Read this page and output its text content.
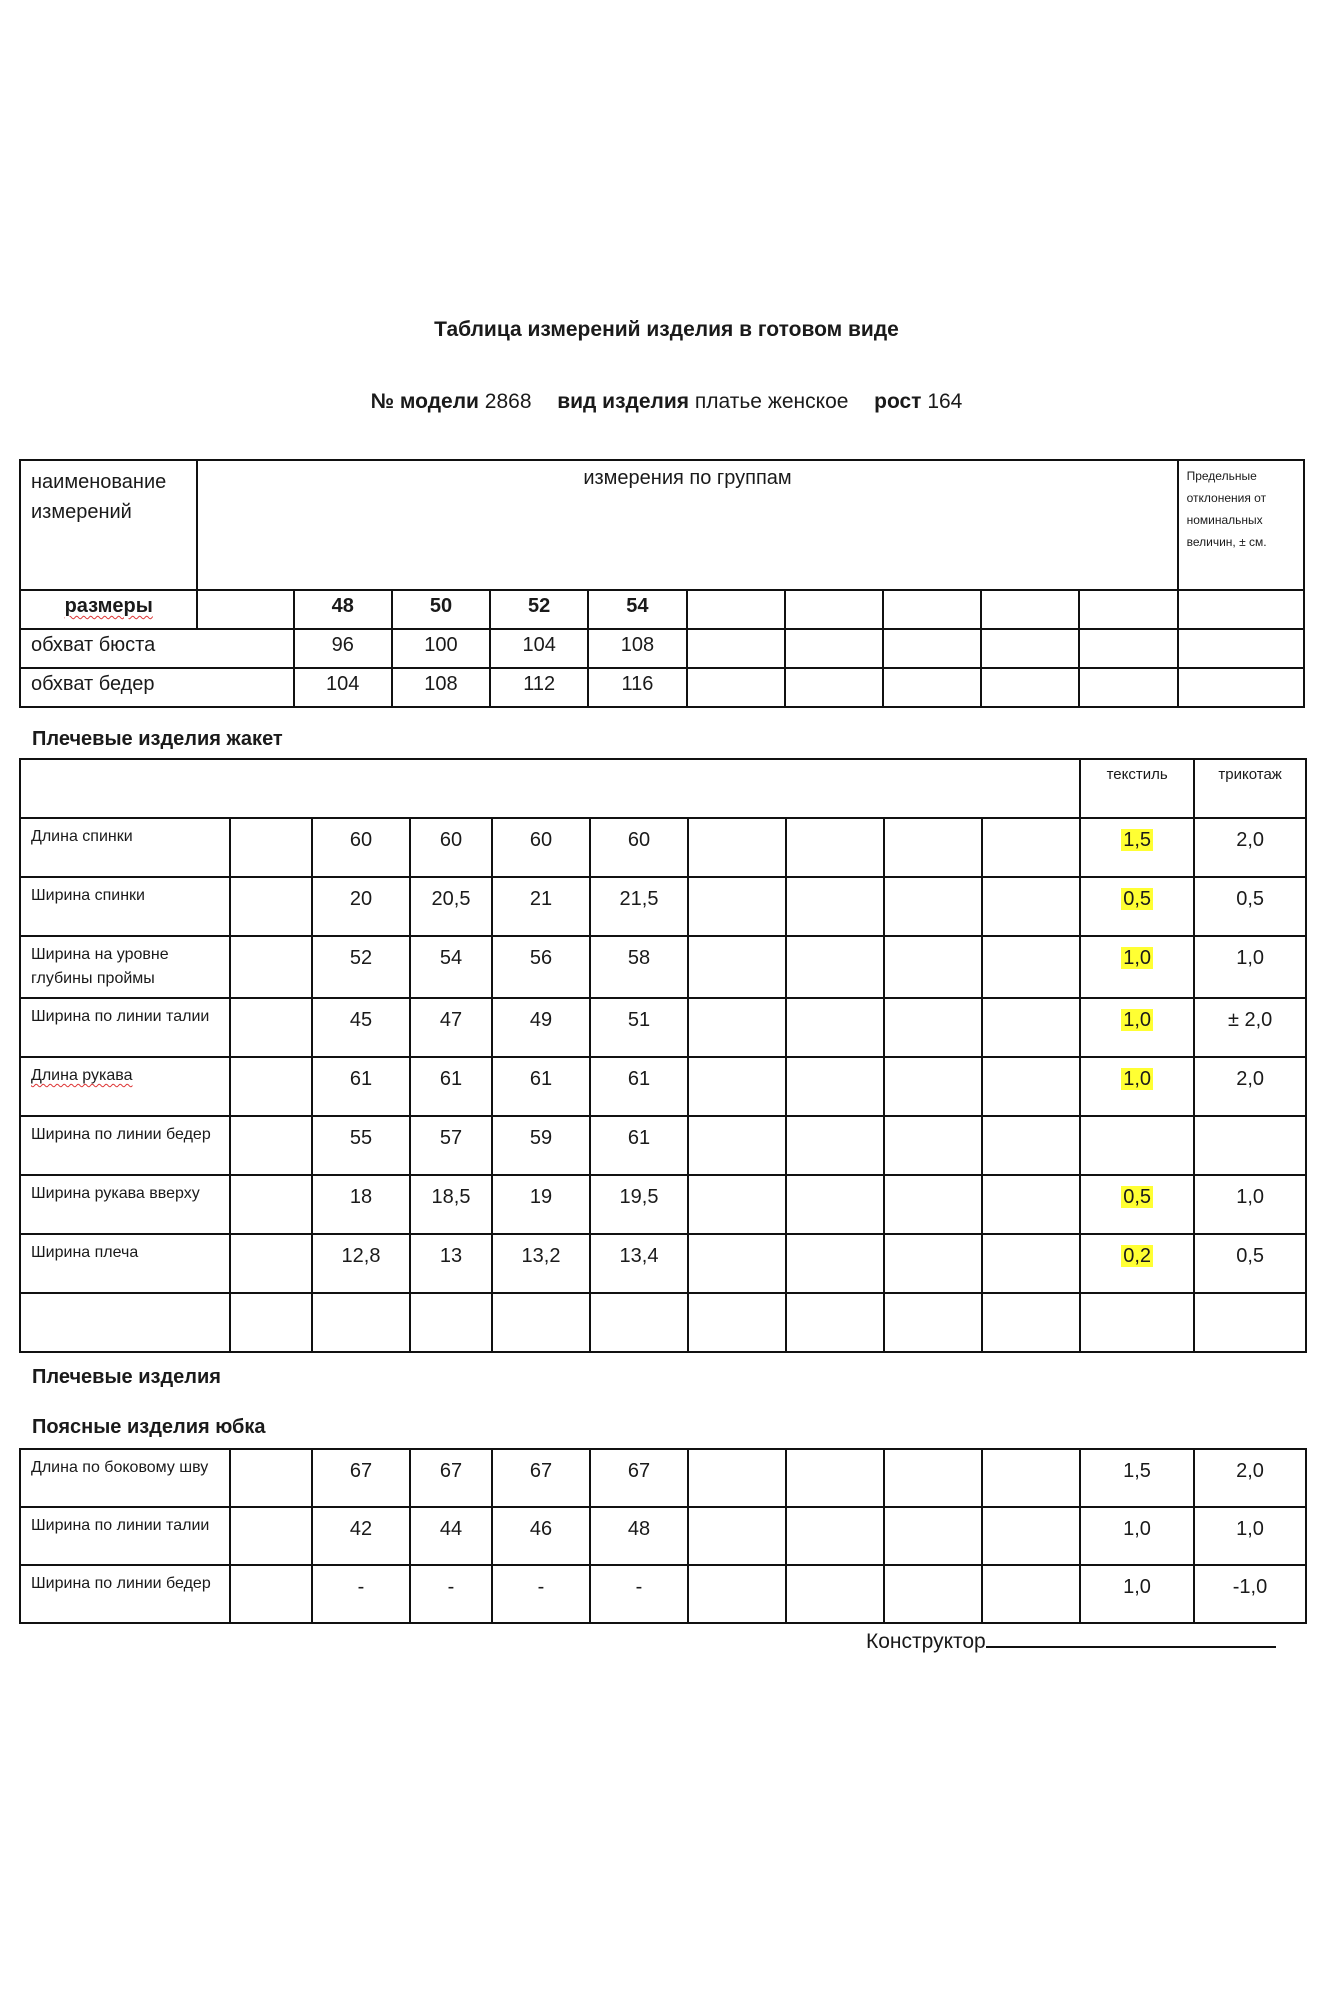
Таблица измерений изделия в готовом виде
№ модели 2868 вид изделия платье женское рост 164
наименование измерений	измерения по группам										Предельные отклонения от номинальных величин, ± см.
размеры		48	50	52	54						
обхват бюста		96	100	104	108						
обхват бедер		104	108	112	116						
Плечевые изделия жакет
										текстиль	трикотаж
Длина спинки		60	60	60	60					1,5	2,0
Ширина спинки		20	20,5	21	21,5					0,5	0,5
Ширина на уровне глубины проймы		52	54	56	58					1,0	1,0
Ширина по линии талии		45	47	49	51					1,0	± 2,0
Длина рукава		61	61	61	61					1,0	2,0
Ширина по линии бедер		55	57	59	61						
Ширина рукава вверху		18	18,5	19	19,5					0,5	1,0
Ширина плеча		12,8	13	13,2	13,4					0,2	0,5

Плечевые изделия
Поясные изделия юбка
Длина по боковому шву		67	67	67	67					1,5	2,0
Ширина по линии талии		42	44	46	48					1,0	1,0
Ширина по линии бедер		-	-	-	-					1,0	-1,0
Конструктор
